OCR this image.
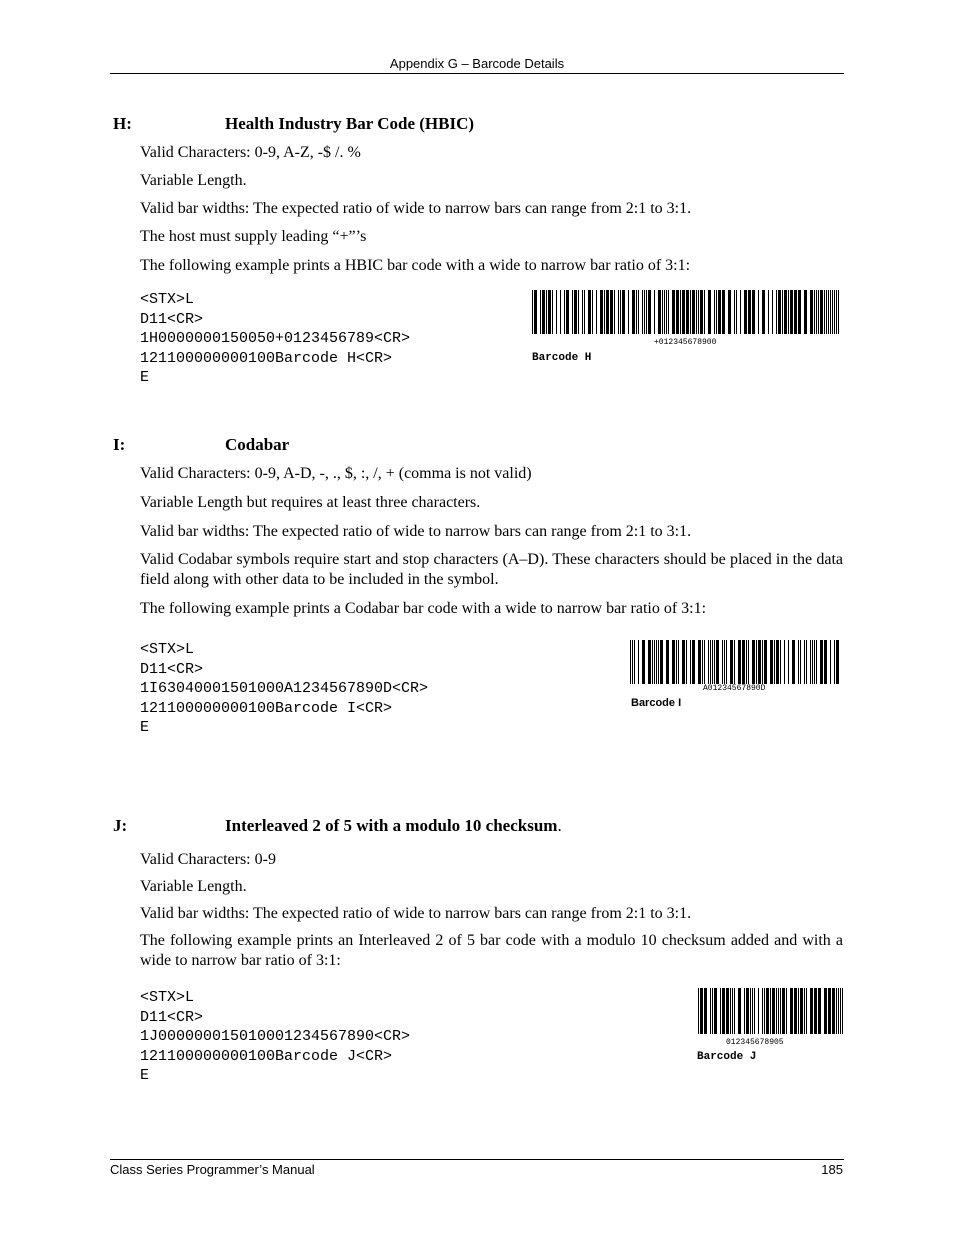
Appendix G – Barcode Details
H:	Health Industry Bar Code (HBIC)
Valid Characters: 0-9, A-Z, -$ /. %
Variable Length.
Valid bar widths: The expected ratio of wide to narrow bars can range from 2:1 to 3:1.
The host must supply leading “+”’s
The following example prints a HBIC bar code with a wide to narrow bar ratio of 3:1:
<STX>L
D11<CR>
1H0000000150050+0123456789<CR>
121100000000100Barcode H<CR>
E
+012345678900
Barcode H
I:	Codabar
Valid Characters: 0-9, A-D, -, ., $, :, /, + (comma is not valid)
Variable Length but requires at least three characters.
Valid bar widths: The expected ratio of wide to narrow bars can range from 2:1 to 3:1.
Valid Codabar symbols require start and stop characters (A–D). These characters should be placed in the data field along with other data to be included in the symbol.
The following example prints a Codabar bar code with a wide to narrow bar ratio of 3:1:
<STX>L
D11<CR>
1I63040001501000A1234567890D<CR>
121100000000100Barcode I<CR>
E
A01234567890D
Barcode I
J:	Interleaved 2 of 5 with a modulo 10 checksum.
Valid Characters: 0-9
Variable Length.
Valid bar widths: The expected ratio of wide to narrow bars can range from 2:1 to 3:1.
The following example prints an Interleaved 2 of 5 bar code with a modulo 10 checksum added and with a wide to narrow bar ratio of 3:1:
<STX>L
D11<CR>
1J000000015010001234567890<CR>
121100000000100Barcode J<CR>
E
012345678905
Barcode J
Class Series Programmer’s Manual	185
